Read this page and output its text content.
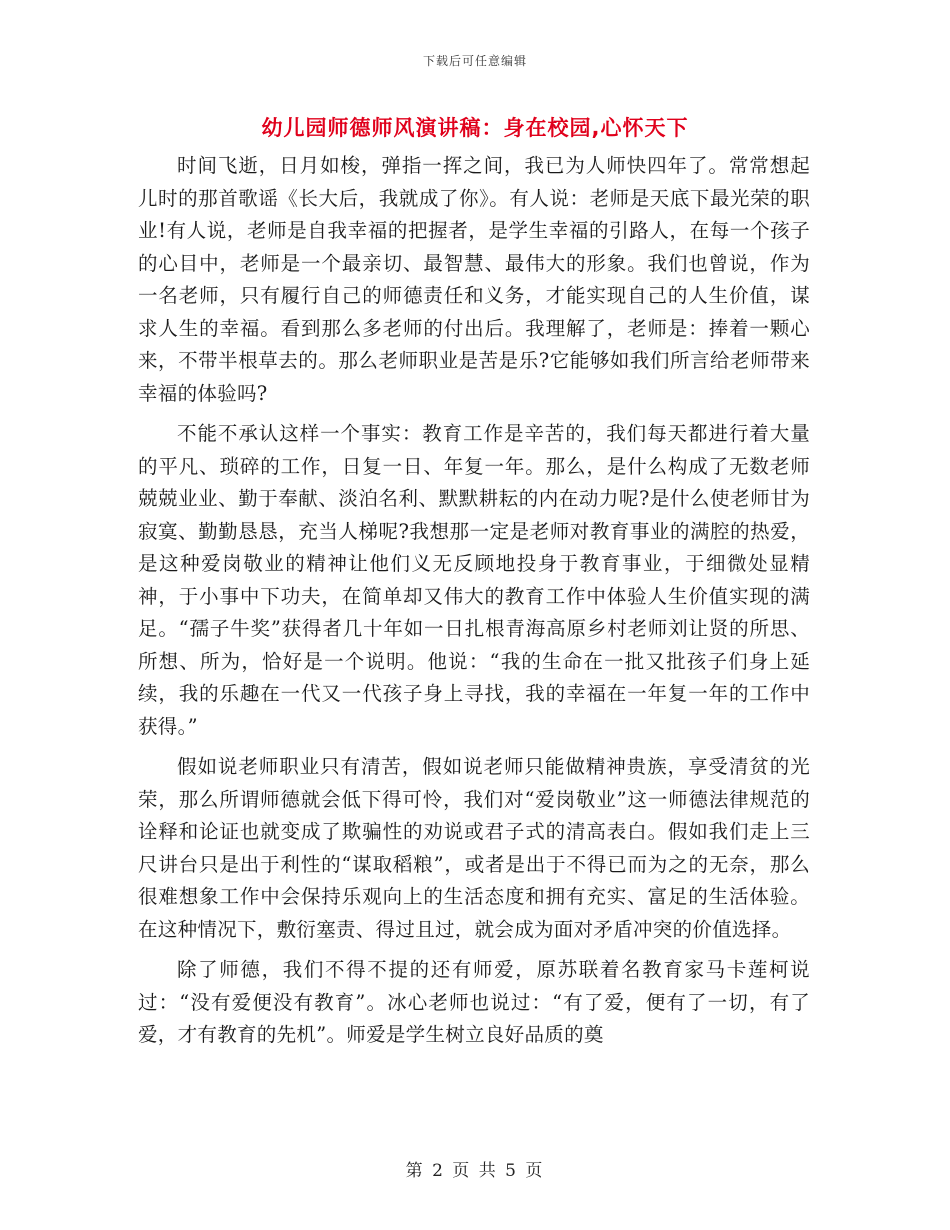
下载后可任意编辑
幼儿园师德师风演讲稿：身在校园,心怀天下

时间飞逝，日月如梭，弹指一挥之间，我已为人师快四年了。常常想起儿时的那首歌谣《长大后，我就成了你》。有人说：老师是天底下最光荣的职业!有人说，老师是自我幸福的把握者，是学生幸福的引路人，在每一个孩子的心目中，老师是一个最亲切、最智慧、最伟大的形象。我们也曾说，作为一名老师，只有履行自己的师德责任和义务，才能实现自己的人生价值，谋求人生的幸福。看到那么多老师的付出后。我理解了，老师是：捧着一颗心来，不带半根草去的。那么老师职业是苦是乐?它能够如我们所言给老师带来幸福的体验吗?

不能不承认这样一个事实：教育工作是辛苦的，我们每天都进行着大量的平凡、琐碎的工作，日复一日、年复一年。那么，是什么构成了无数老师兢兢业业、勤于奉献、淡泊名利、默默耕耘的内在动力呢?是什么使老师甘为寂寞、勤勤恳恳，充当人梯呢?我想那一定是老师对教育事业的满腔的热爱，是这种爱岗敬业的精神让他们义无反顾地投身于教育事业，于细微处显精神，于小事中下功夫，在简单却又伟大的教育工作中体验人生价值实现的满足。“孺子牛奖”获得者几十年如一日扎根青海高原乡村老师刘让贤的所思、所想、所为，恰好是一个说明。他说：“我的生命在一批又批孩子们身上延续，我的乐趣在一代又一代孩子身上寻找，我的幸福在一年复一年的工作中获得。”

假如说老师职业只有清苦，假如说老师只能做精神贵族，享受清贫的光荣，那么所谓师德就会低下得可怜，我们对“爱岗敬业”这一师德法律规范的诠释和论证也就变成了欺骗性的劝说或君子式的清高表白。假如我们走上三尺讲台只是出于利性的“谋取稻粮”，或者是出于不得已而为之的无奈，那么很难想象工作中会保持乐观向上的生活态度和拥有充实、富足的生活体验。在这种情况下，敷衍塞责、得过且过，就会成为面对矛盾冲突的价值选择。

除了师德，我们不得不提的还有师爱，原苏联着名教育家马卡莲柯说过：“没有爱便没有教育”。冰心老师也说过：“有了爱，便有了一切，有了爱，才有教育的先机”。师爱是学生树立良好品质的奠

第 2 页 共 5 页
